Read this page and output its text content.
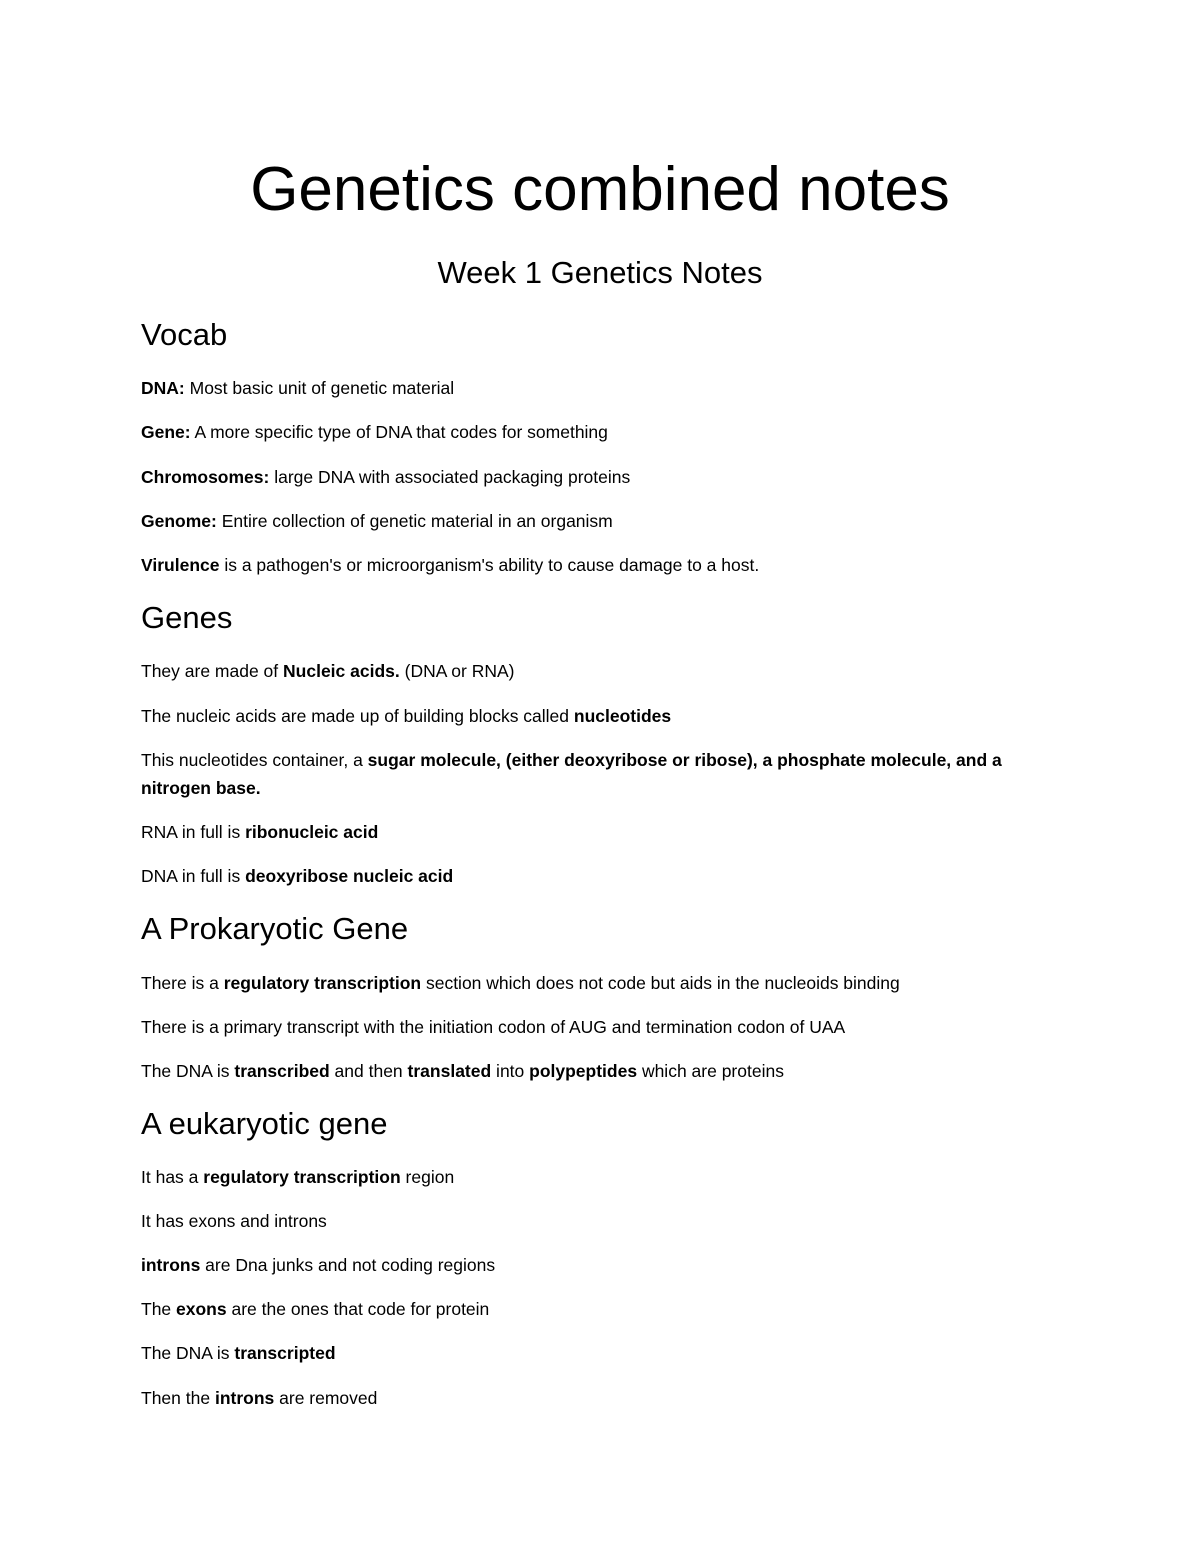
Genetics combined notes
Week 1 Genetics Notes
Vocab

DNA: Most basic unit of genetic material

Gene: A more specific type of DNA that codes for something

Chromosomes: large DNA with associated packaging proteins

Genome: Entire collection of genetic material in an organism

Virulence is a pathogen's or microorganism's ability to cause damage to a host.

Genes

They are made of Nucleic acids. (DNA or RNA)

The nucleic acids are made up of building blocks called nucleotides

This nucleotides container, a sugar molecule, (either deoxyribose or ribose), a phosphate molecule, and a nitrogen base.

RNA in full is ribonucleic acid

DNA in full is deoxyribose nucleic acid

A Prokaryotic Gene

There is a regulatory transcription section which does not code but aids in the nucleoids binding

There is a primary transcript with the initiation codon of AUG and termination codon of UAA

The DNA is transcribed and then translated into polypeptides which are proteins

A eukaryotic gene

It has a regulatory transcription region

It has exons and introns

introns are Dna junks and not coding regions

The exons are the ones that code for protein

The DNA is transcripted

Then the introns are removed
